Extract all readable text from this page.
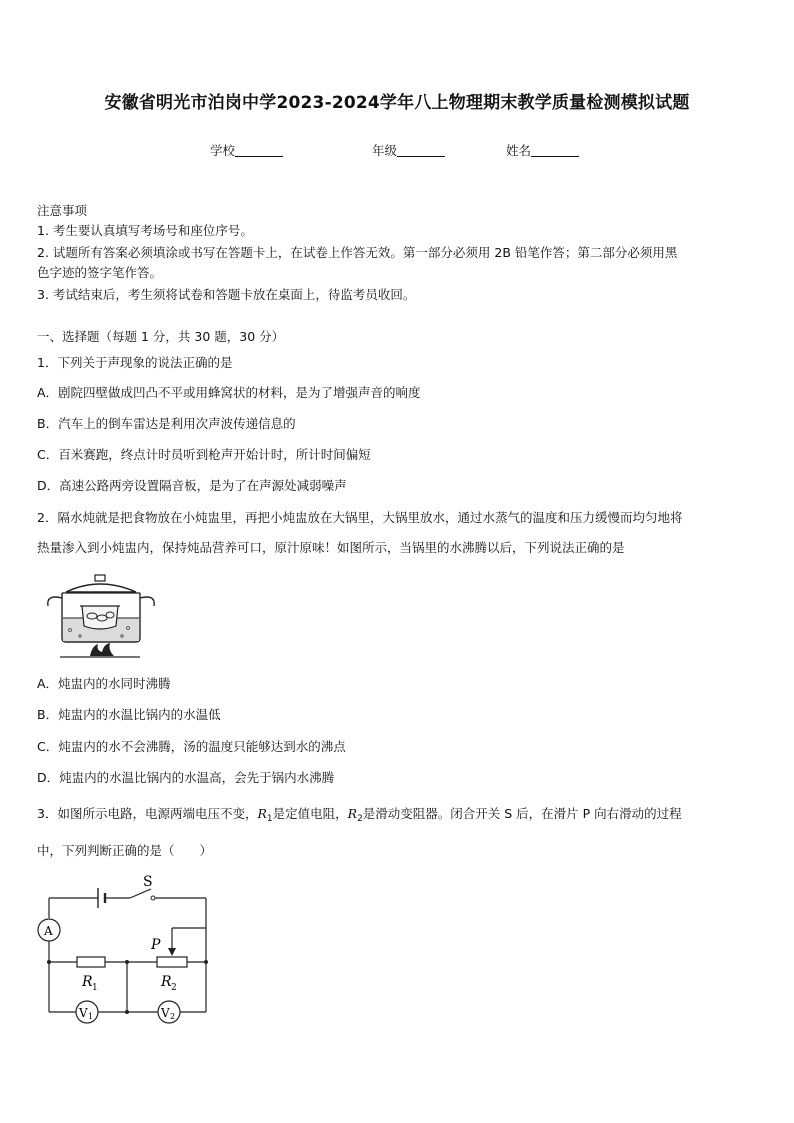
安徽省明光市泊岗中学2023-2024学年八上物理期末教学质量检测模拟试题
学校	年级	姓名
注意事项
1. 考生要认真填写考场号和座位序号。
2. 试题所有答案必须填涂或书写在答题卡上，在试卷上作答无效。第一部分必须用 2B 铅笔作答；第二部分必须用黑
色字迹的签字笔作答。
3. 考试结束后，考生须将试卷和答题卡放在桌面上，待监考员收回。
一、选择题（每题 1 分，共 30 题，30 分）
1．下列关于声现象的说法正确的是
A．剧院四壁做成凹凸不平或用蜂窝状的材料，是为了增强声音的响度
B．汽车上的倒车雷达是利用次声波传递信息的
C．百米赛跑，终点计时员听到枪声开始计时，所计时间偏短
D．高速公路两旁设置隔音板，是为了在声源处减弱噪声
2．隔水炖就是把食物放在小炖盅里，再把小炖盅放在大锅里，大锅里放水，通过水蒸气的温度和压力缓慢而均匀地将
热量渗入到小炖盅内，保持炖品营养可口，原汁原味！如图所示，当锅里的水沸腾以后，下列说法正确的是
A．炖盅内的水同时沸腾
B．炖盅内的水温比锅内的水温低
C．炖盅内的水不会沸腾，汤的温度只能够达到水的沸点
D．炖盅内的水温比锅内的水温高，会先于锅内水沸腾
3．如图所示电路，电源两端电压不变，$R_1$是定值电阻，$R_2$是滑动变阻器。闭合开关 S 后，在滑片 P 向右滑动的过程
中，下列判断正确的是（　　）
S
P
A
R 1	R 2
V 1	V 2
